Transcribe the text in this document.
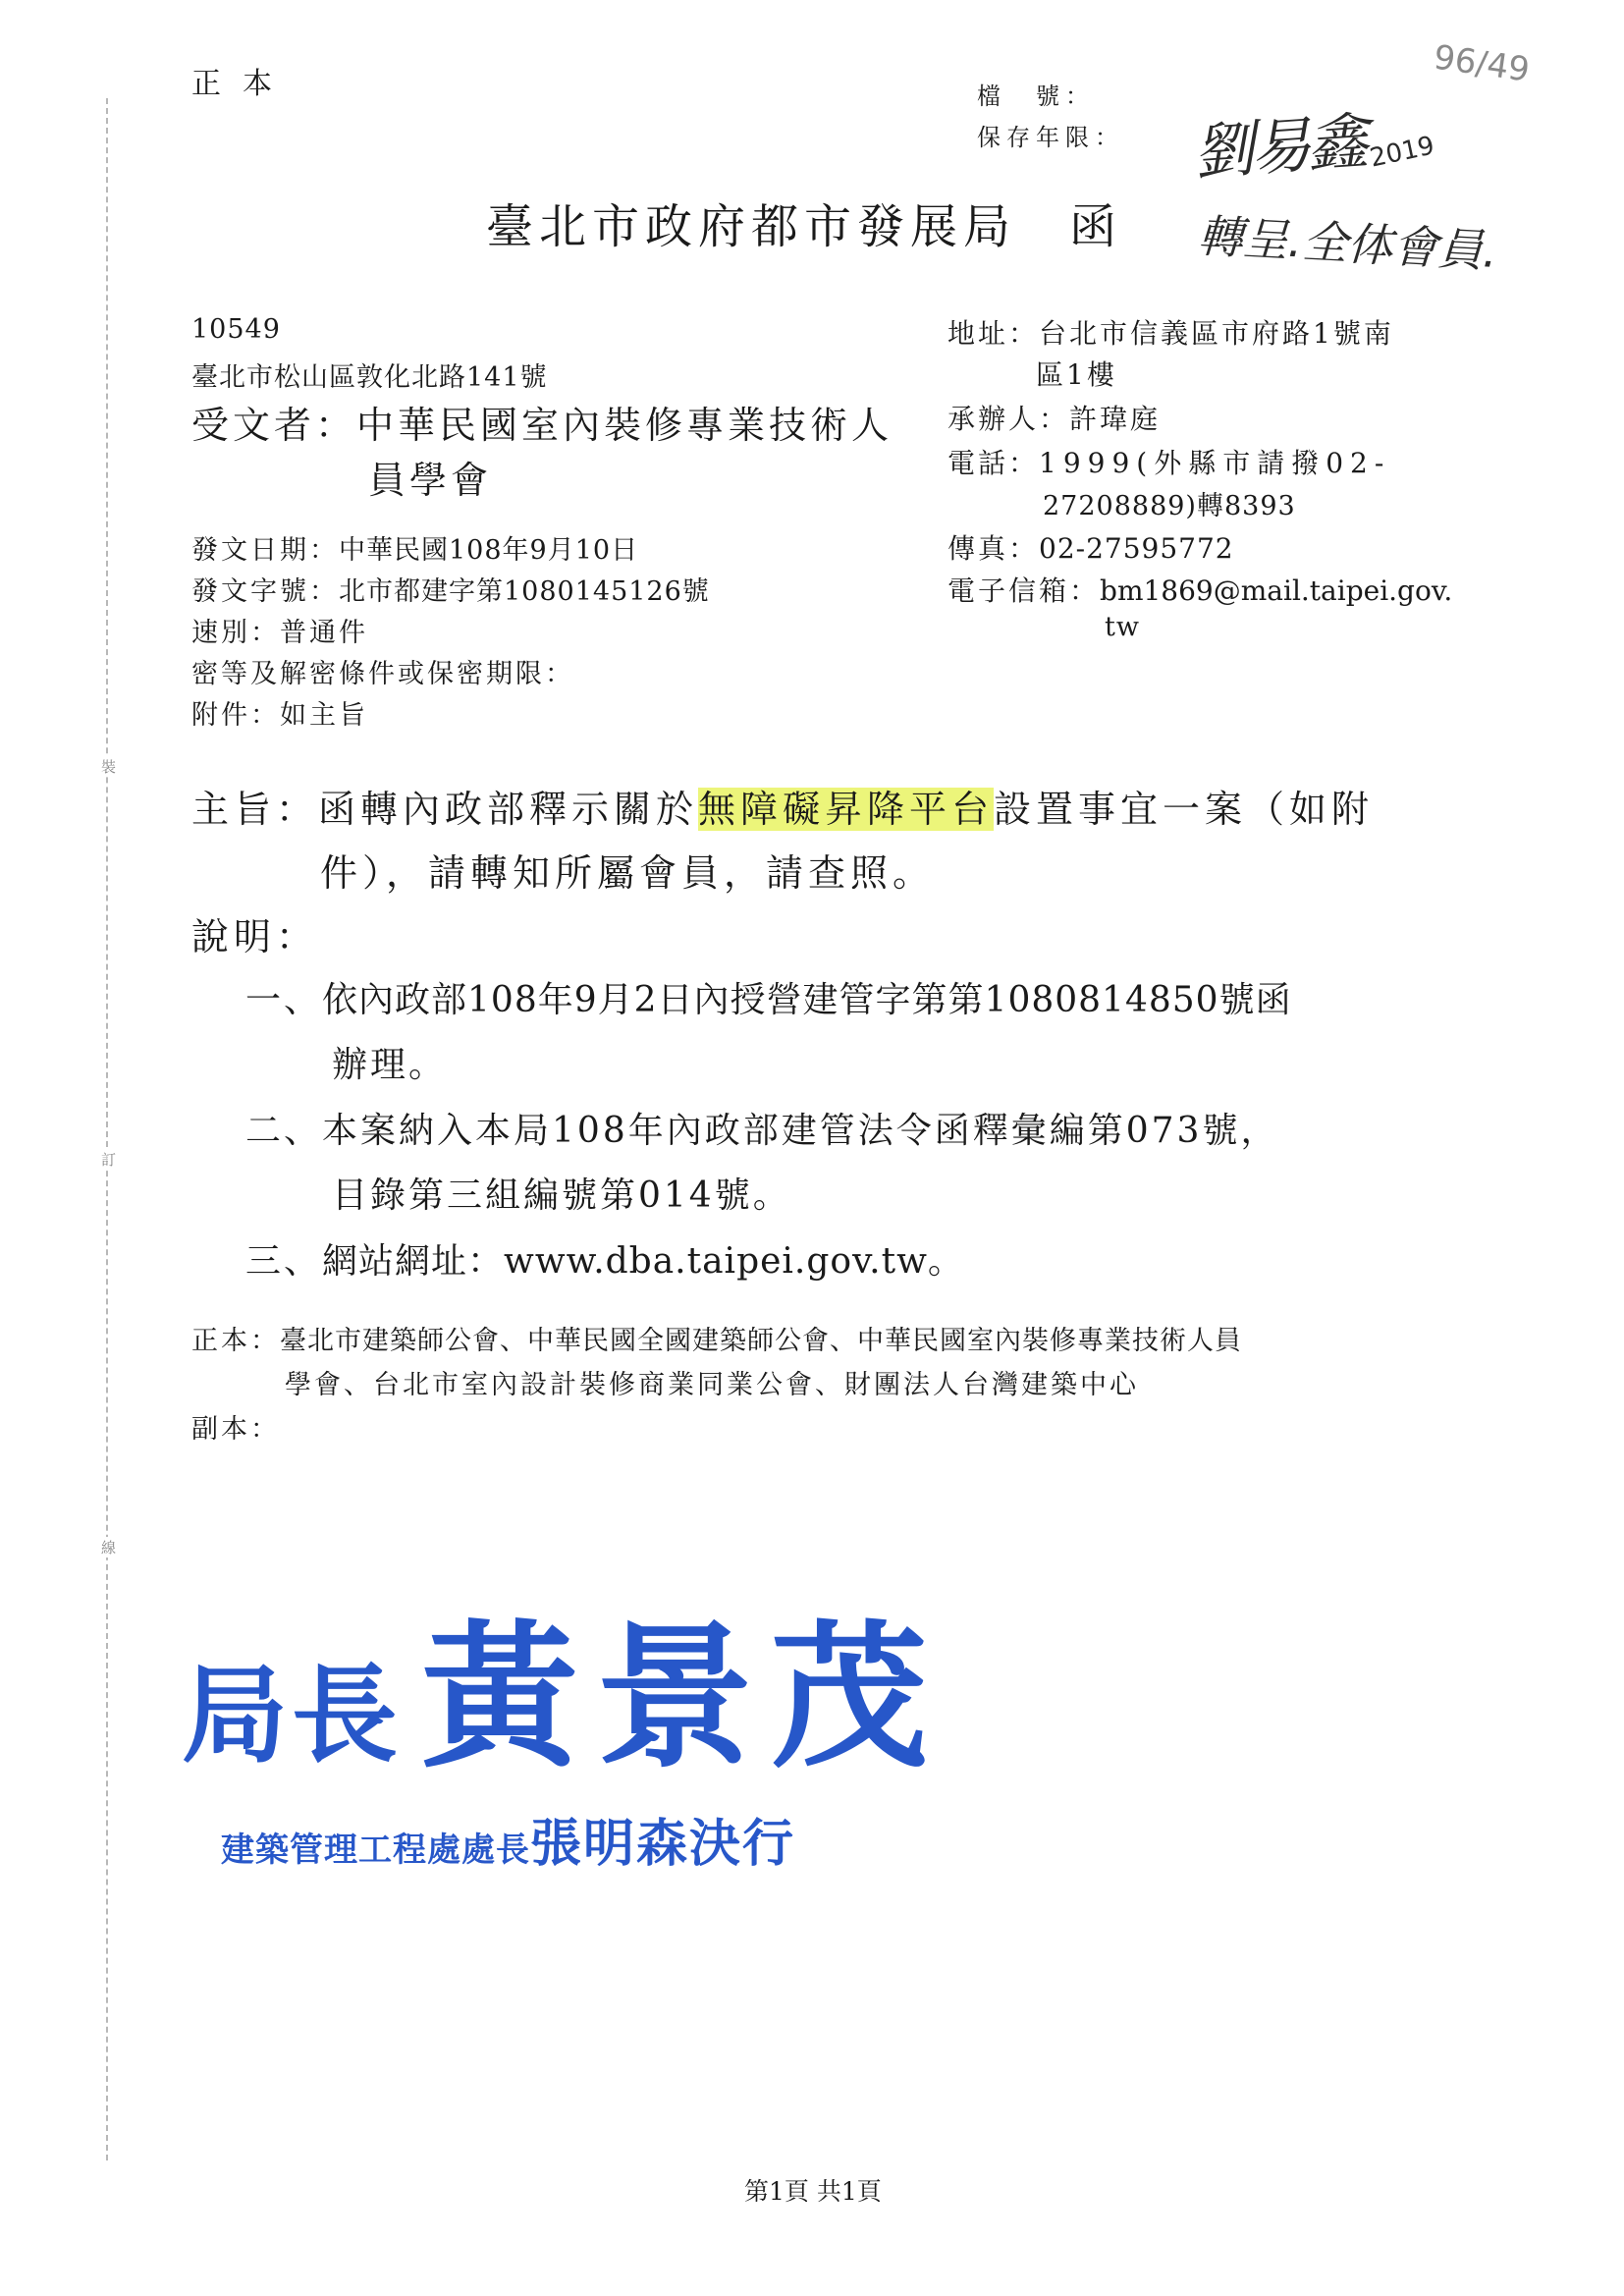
裝
訂
線
正本	檔　號：
保存年限：
96/49
劉易鑫 2019
轉呈.全体會員.
臺北市政府都市發展局　函
10549
臺北市松山區敦化北路141號
受文者：中華民國室內裝修專業技術人
員學會
發文日期：中華民國108年9月10日
發文字號：北市都建字第1080145126號
速別：普通件
密等及解密條件或保密期限：
附件：如主旨
地址：台北市信義區市府路1號南
區1樓
承辦人：許瑋庭
電話：1999(外縣市請撥02-
27208889)轉8393
傳真：02-27595772
電子信箱：bm1869@mail.taipei.gov.
tw
主旨：函轉內政部釋示關於無障礙昇降平台設置事宜一案（如附
件），請轉知所屬會員，請查照。
說明：
一、依內政部108年9月2日內授營建管字第第1080814850號函
辦理。
二、本案納入本局108年內政部建管法令函釋彙編第073號，
目錄第三組編號第014號。
三、網站網址：www.dba.taipei.gov.tw。
正本：臺北市建築師公會、中華民國全國建築師公會、中華民國室內裝修專業技術人員
學會、台北市室內設計裝修商業同業公會、財團法人台灣建築中心
副本：
局長 黃景茂
建築管理工程處處長張明森決行
第1頁 共1頁
